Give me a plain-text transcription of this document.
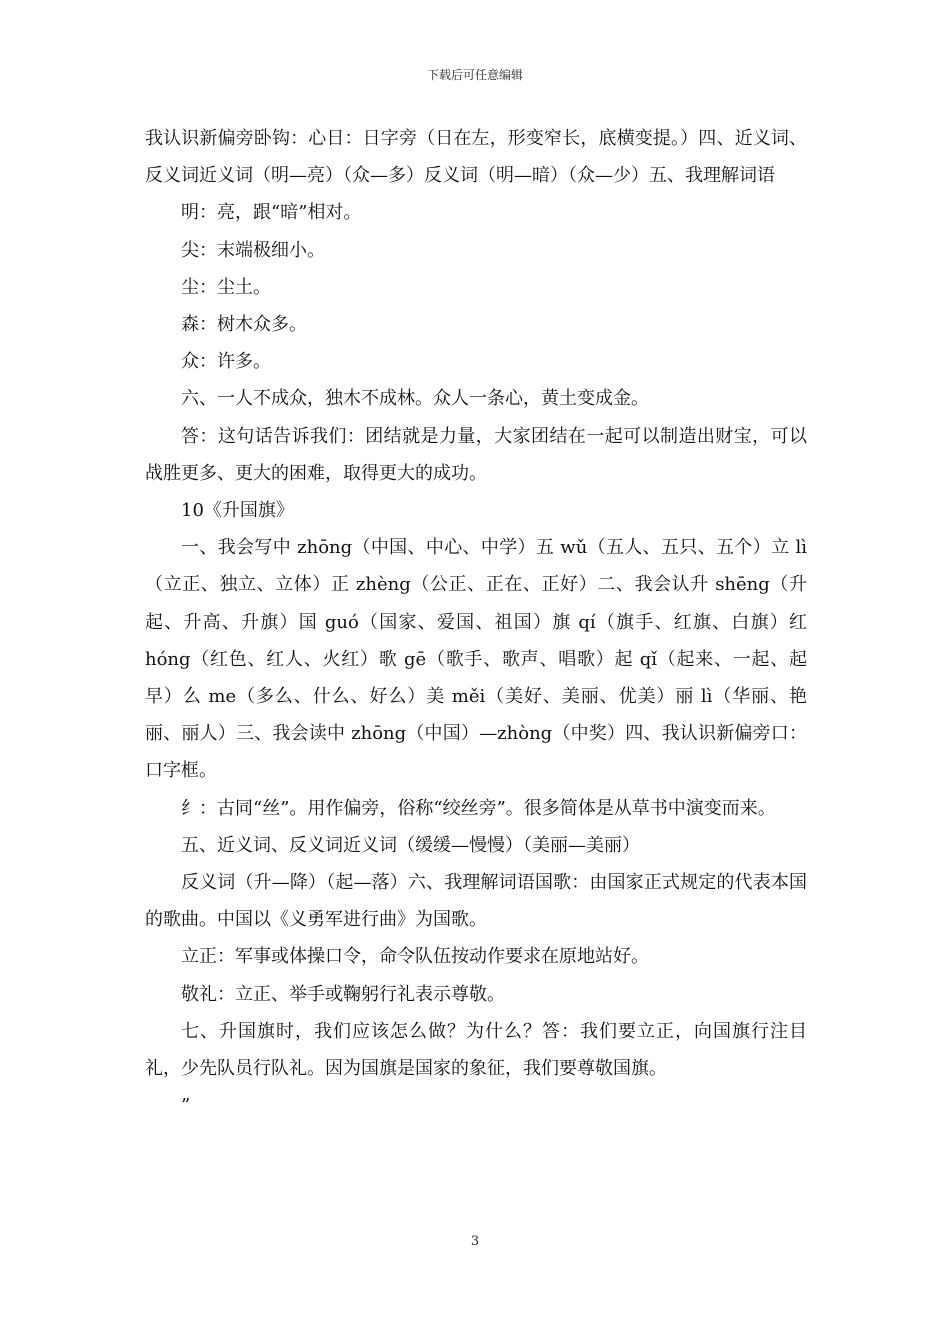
下载后可任意编辑

我认识新偏旁卧钩：心日：日字旁（日在左，形变窄长，底横变提。）四、近义词、反义词近义词（明—亮）（众—多）反义词（明—暗）（众—少）五、我理解词语

明：亮，跟“暗”相对。

尖：末端极细小。

尘：尘土。

森：树木众多。

众：许多。

六、一人不成众，独木不成林。众人一条心，黄土变成金。

答：这句话告诉我们：团结就是力量，大家团结在一起可以制造出财宝，可以战胜更多、更大的困难，取得更大的成功。

10《升国旗》

一、我会写中 zhōng（中国、中心、中学）五 wǔ（五人、五只、五个）立 lì（立正、独立、立体）正 zhèng（公正、正在、正好）二、我会认升 shēng（升起、升高、升旗）国 guó（国家、爱国、祖国）旗 qí（旗手、红旗、白旗）红 hóng（红色、红人、火红）歌 gē（歌手、歌声、唱歌）起 qǐ（起来、一起、起早）么 me（多么、什么、好么）美 měi（美好、美丽、优美）丽 lì（华丽、艳丽、丽人）三、我会读中 zhōng（中国）—zhòng（中奖）四、我认识新偏旁口：口字框。

纟：古同“丝”。用作偏旁，俗称“绞丝旁”。很多简体是从草书中演变而来。

五、近义词、反义词近义词（缓缓—慢慢）（美丽—美丽）

反义词（升—降）（起—落）六、我理解词语国歌：由国家正式规定的代表本国的歌曲。中国以《义勇军进行曲》为国歌。

立正：军事或体操口令，命令队伍按动作要求在原地站好。

敬礼：立正、举手或鞠躬行礼表示尊敬。

七、升国旗时，我们应该怎么做？为什么？答：我们要立正，向国旗行注目礼，少先队员行队礼。因为国旗是国家的象征，我们要尊敬国旗。

”

3
